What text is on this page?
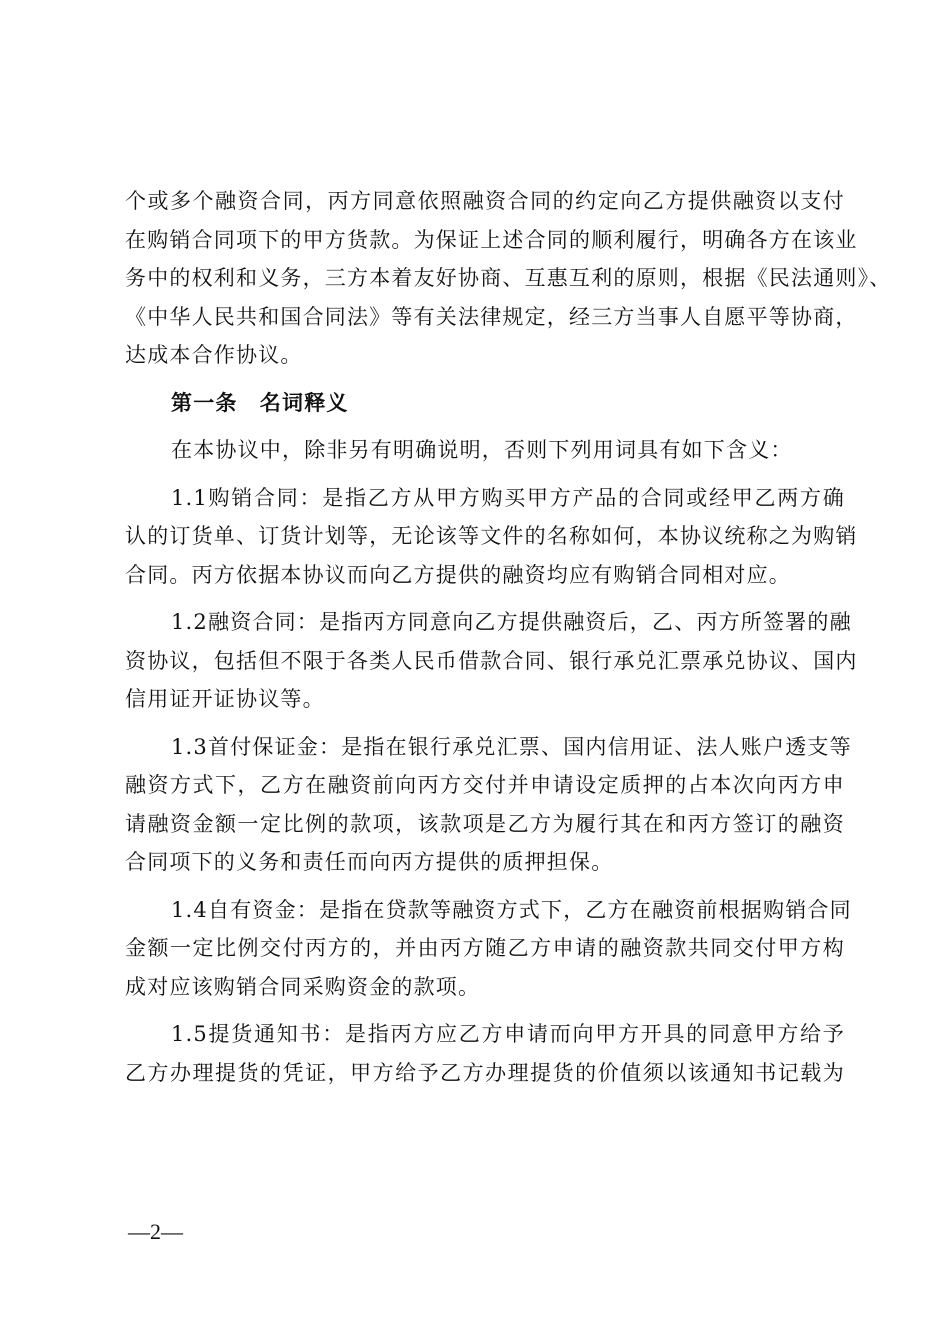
个或多个融资合同，丙方同意依照融资合同的约定向乙方提供融资以支付
在购销合同项下的甲方货款。为保证上述合同的顺利履行，明确各方在该业
务中的权利和义务，三方本着友好协商、互惠互利的原则，根据《民法通则》、
《中华人民共和国合同法》等有关法律规定，经三方当事人自愿平等协商，
达成本合作协议。
第一条　名词释义
在本协议中，除非另有明确说明，否则下列用词具有如下含义：
1.1购销合同：是指乙方从甲方购买甲方产品的合同或经甲乙两方确
认的订货单、订货计划等，无论该等文件的名称如何，本协议统称之为购销
合同。丙方依据本协议而向乙方提供的融资均应有购销合同相对应。
1.2融资合同：是指丙方同意向乙方提供融资后，乙、丙方所签署的融
资协议，包括但不限于各类人民币借款合同、银行承兑汇票承兑协议、国内
信用证开证协议等。
1.3首付保证金：是指在银行承兑汇票、国内信用证、法人账户透支等
融资方式下，乙方在融资前向丙方交付并申请设定质押的占本次向丙方申
请融资金额一定比例的款项，该款项是乙方为履行其在和丙方签订的融资
合同项下的义务和责任而向丙方提供的质押担保。
1.4自有资金：是指在贷款等融资方式下，乙方在融资前根据购销合同
金额一定比例交付丙方的，并由丙方随乙方申请的融资款共同交付甲方构
成对应该购销合同采购资金的款项。
1.5提货通知书：是指丙方应乙方申请而向甲方开具的同意甲方给予
乙方办理提货的凭证，甲方给予乙方办理提货的价值须以该通知书记载为
—2—
